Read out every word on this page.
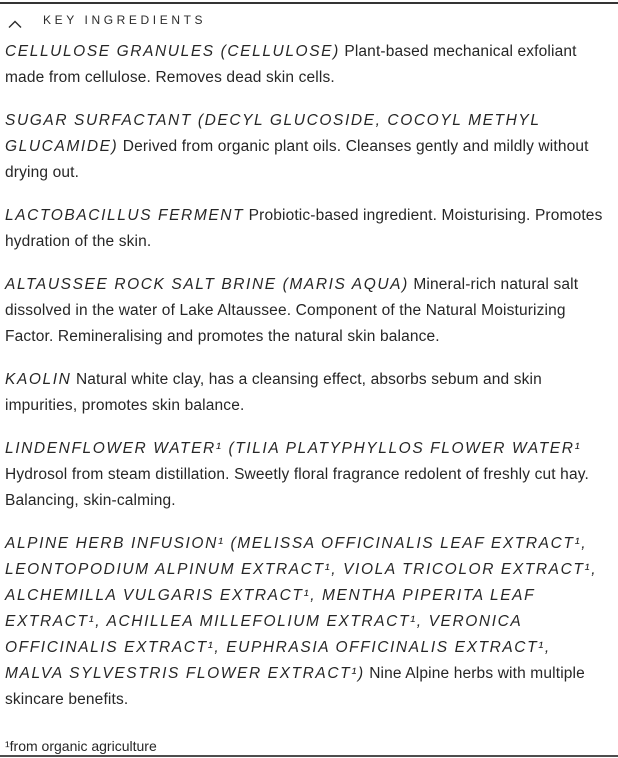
KEY INGREDIENTS

CELLULOSE GRANULES (CELLULOSE) Plant-based mechanical exfoliant made from cellulose. Removes dead skin cells.

SUGAR SURFACTANT (DECYL GLUCOSIDE, COCOYL METHYL GLUCAMIDE) Derived from organic plant oils. Cleanses gently and mildly without drying out.

LACTOBACILLUS FERMENT Probiotic-based ingredient. Moisturising. Promotes hydration of the skin.

ALTAUSSEE ROCK SALT BRINE (MARIS AQUA) Mineral-rich natural salt dissolved in the water of Lake Altaussee. Component of the Natural Moisturizing Factor. Remineralising and promotes the natural skin balance.

KAOLIN Natural white clay, has a cleansing effect, absorbs sebum and skin impurities, promotes skin balance.

LINDENFLOWER WATER¹ (TILIA PLATYPHYLLOS FLOWER WATER¹ Hydrosol from steam distillation. Sweetly floral fragrance redolent of freshly cut hay. Balancing, skin-calming.

ALPINE HERB INFUSION¹ (MELISSA OFFICINALIS LEAF EXTRACT¹, LEONTOPODIUM ALPINUM EXTRACT¹, VIOLA TRICOLOR EXTRACT¹, ALCHEMILLA VULGARIS EXTRACT¹, MENTHA PIPERITA LEAF EXTRACT¹, ACHILLEA MILLEFOLIUM EXTRACT¹, VERONICA OFFICINALIS EXTRACT¹, EUPHRASIA OFFICINALIS EXTRACT¹, MALVA SYLVESTRIS FLOWER EXTRACT¹) Nine Alpine herbs with multiple skincare benefits.

¹from organic agriculture
